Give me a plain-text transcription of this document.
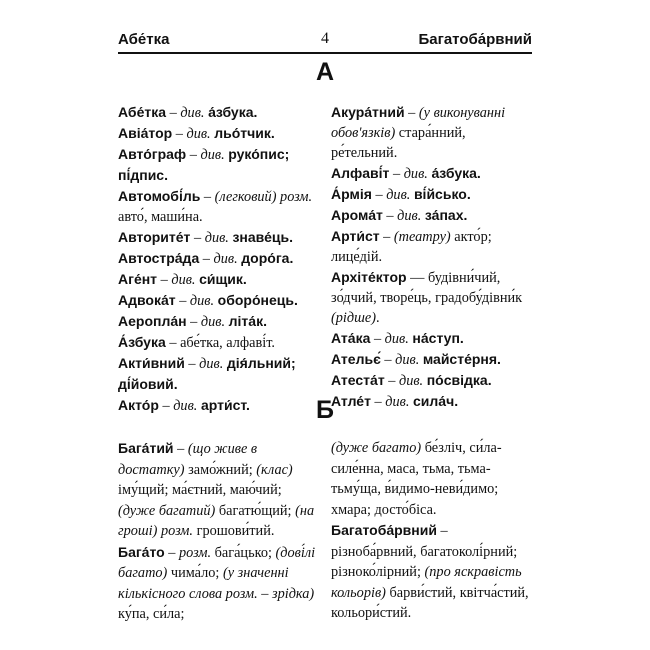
Абе́тка	4	Багатоба́рвний
А

Абе́тка – див. а́збука.

Авіа́тор – див. льо́тчик.

Авто́граф – див. руко́пис; пі́дпис.

Автомобі́ль – (легковий) розм. авто́, маши́на.

Авторите́т – див. знаве́ць.

Автостра́да – див. доро́га.

Аге́нт – див. си́щик.

Адвока́т – див. оборо́нець.

Аеропла́н – див. літа́к.

А́збука – абе́тка, алфаві́т.

Акти́вний – див. дія́льний; ді́йовий.

Акто́р – див. арти́ст.

Акура́тний – (у виконуванні обов'язків) стара́нний, ре́тельний.

Алфаві́т – див. а́збука.

А́рмія – див. ві́йсько.

Арома́т – див. за́пах.

Арти́ст – (театру) акто́р; лице́дій.

Архіте́ктор — будівни́чий, зо́дчий, творе́ць, градобу́дівни́к (рідше).

Ата́ка – див. на́ступ.

Ательє́ – див. майсте́рня.

Атеста́т – див. по́свідка.

Атле́т – див. сила́ч.

Б

Бага́тий – (що живе в достатку) замо́жний; (клас) іму́щий; ма́єтний, маю́чий; (дуже багатий) багатю́щий; (на гроші) розм. грошови́тий.

Бага́то – розм. бага́цько; (дові́лі багато) чима́ло; (у значенні кількісного слова розм. – зрідка) ку́па, си́ла;

(дуже багато) бе́зліч, си́ла-силе́нна, маса, тьма, тьма-тьму́ща, в́идимо-неви́димо; хмара; досто́біса.

Багатоба́рвний – різноба́рвний, багатоколі́рний; різноко́лірний; (про яскравість кольорів) барви́стий, квітча́стий, кольори́стий.
